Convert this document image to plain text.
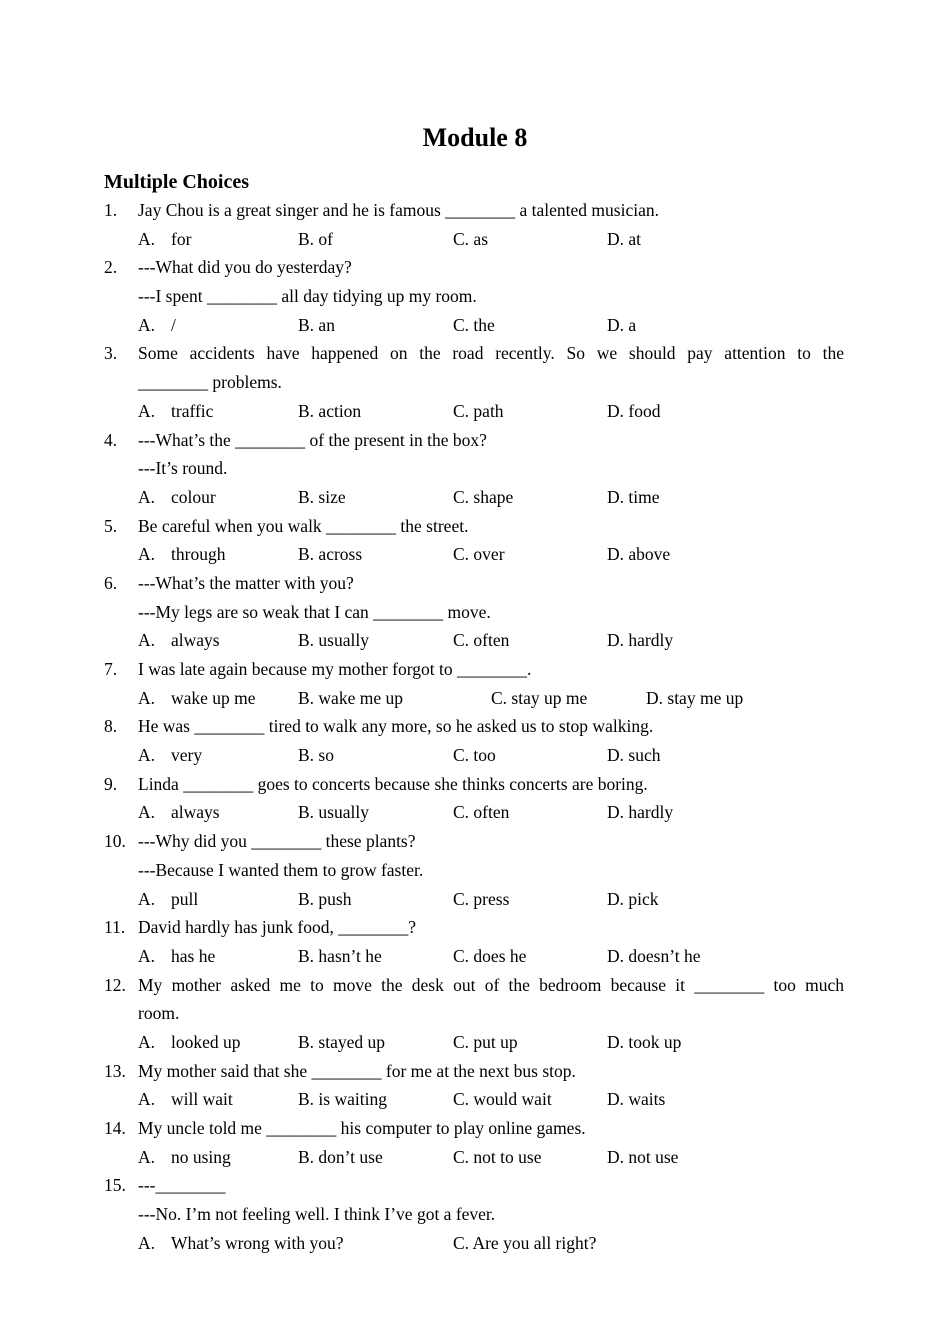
Module 8
Multiple Choices
1. Jay Chou is a great singer and he is famous ________ a talented musician.
A. for	B. of	C. as	D. at
2. ---What did you do yesterday?
---I spent ________ all day tidying up my room.
A. /	B. an	C. the	D. a
3. Some accidents have happened on the road recently. So we should pay attention to the
________ problems.
A. traffic	B. action	C. path	D. food
4. ---What’s the ________ of the present in the box?
---It’s round.
A. colour	B. size	C. shape	D. time
5. Be careful when you walk ________ the street.
A. through	B. across	C. over	D. above
6. ---What’s the matter with you?
---My legs are so weak that I can ________ move.
A. always	B. usually	C. often	D. hardly
7. I was late again because my mother forgot to ________.
A. wake up me B. wake me up	C. stay up me	D. stay me up
8. He was ________ tired to walk any more, so he asked us to stop walking.
A. very	B. so	C. too	D. such
9. Linda ________ goes to concerts because she thinks concerts are boring.
A. always	B. usually	C. often	D. hardly
10. ---Why did you ________ these plants?
---Because I wanted them to grow faster.
A. pull	B. push	C. press	D. pick
11. David hardly has junk food, ________?
A. has he	B. hasn’t he	C. does he	D. doesn’t he
12. My mother asked me to move the desk out of the bedroom because it ________ too much
room.
A. looked up	B. stayed up	C. put up	D. took up
13. My mother said that she ________ for me at the next bus stop.
A. will wait	B. is waiting	C. would wait	D. waits
14. My uncle told me ________ his computer to play online games.
A. no using	B. don’t use	C. not to use	D. not use
15. ---________
---No. I’m not feeling well. I think I’ve got a fever.
A. What’s wrong with you?	C. Are you all right?
